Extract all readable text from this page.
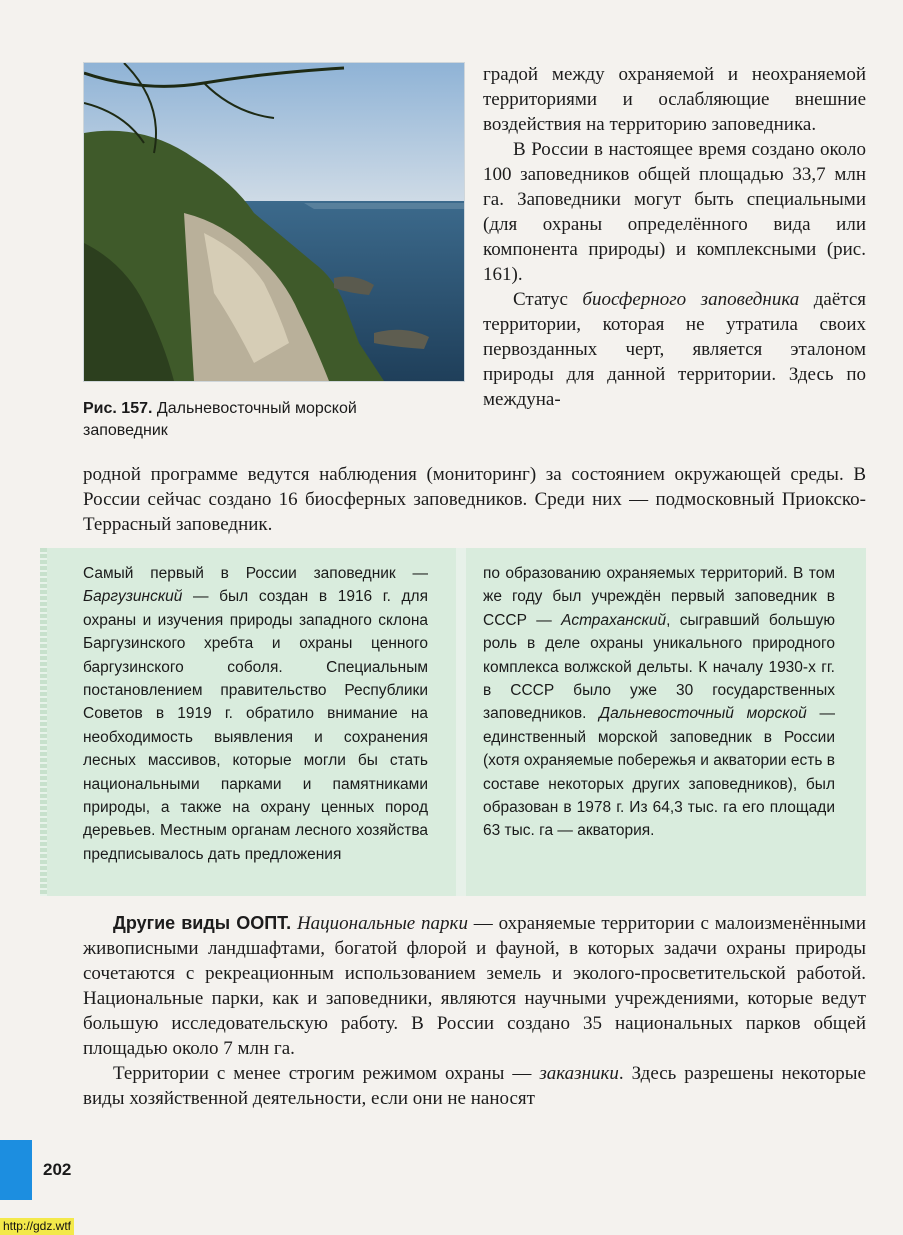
Рис. 157. Дальневосточный морской заповедник

градой между охраняемой и неохраняемой территориями и ослабляющие внешние воздействия на территорию заповедника.

В России в настоящее время создано около 100 заповедников общей площадью 33,7 млн га. Заповедники могут быть специальными (для охраны определённого вида или компонента природы) и комплексными (рис. 161).

Статус биосферного заповедника даётся территории, которая не утратила своих первозданных черт, является эталоном природы для данной территории. Здесь по междуна-

родной программе ведутся наблюдения (мониторинг) за состоянием окружающей среды. В России сейчас создано 16 биосферных заповедников. Среди них — подмосковный Приокско-Террасный заповедник.

Самый первый в России заповедник — Баргузинский — был создан в 1916 г. для охраны и изучения природы западного склона Баргузинского хребта и охраны ценного баргузинского соболя. Специальным постановлением правительство Республики Советов в 1919 г. обратило внимание на необходимость выявления и сохранения лесных массивов, которые могли бы стать национальными парками и памятниками природы, а также на охрану ценных пород деревьев. Местным органам лесного хозяйства предписывалось дать предложения

по образованию охраняемых территорий. В том же году был учреждён первый заповедник в СССР — Астраханский, сыгравший большую роль в деле охраны уникального природного комплекса волжской дельты. К началу 1930-х гг. в СССР было уже 30 государственных заповедников. Дальневосточный морской — единственный морской заповедник в России (хотя охраняемые побережья и акватории есть в составе некоторых других заповедников), был образован в 1978 г. Из 64,3 тыс. га его площади 63 тыс. га — акватория.

Другие виды ООПТ. Национальные парки — охраняемые территории с малоизменёнными живописными ландшафтами, богатой флорой и фауной, в которых задачи охраны природы сочетаются с рекреационным использованием земель и эколого-просветительской работой. Национальные парки, как и заповедники, являются научными учреждениями, которые ведут большую исследовательскую работу. В России создано 35 национальных парков общей площадью около 7 млн га.

Территории с менее строгим режимом охраны — заказники. Здесь разрешены некоторые виды хозяйственной деятельности, если они не наносят

202
http://gdz.wtf
